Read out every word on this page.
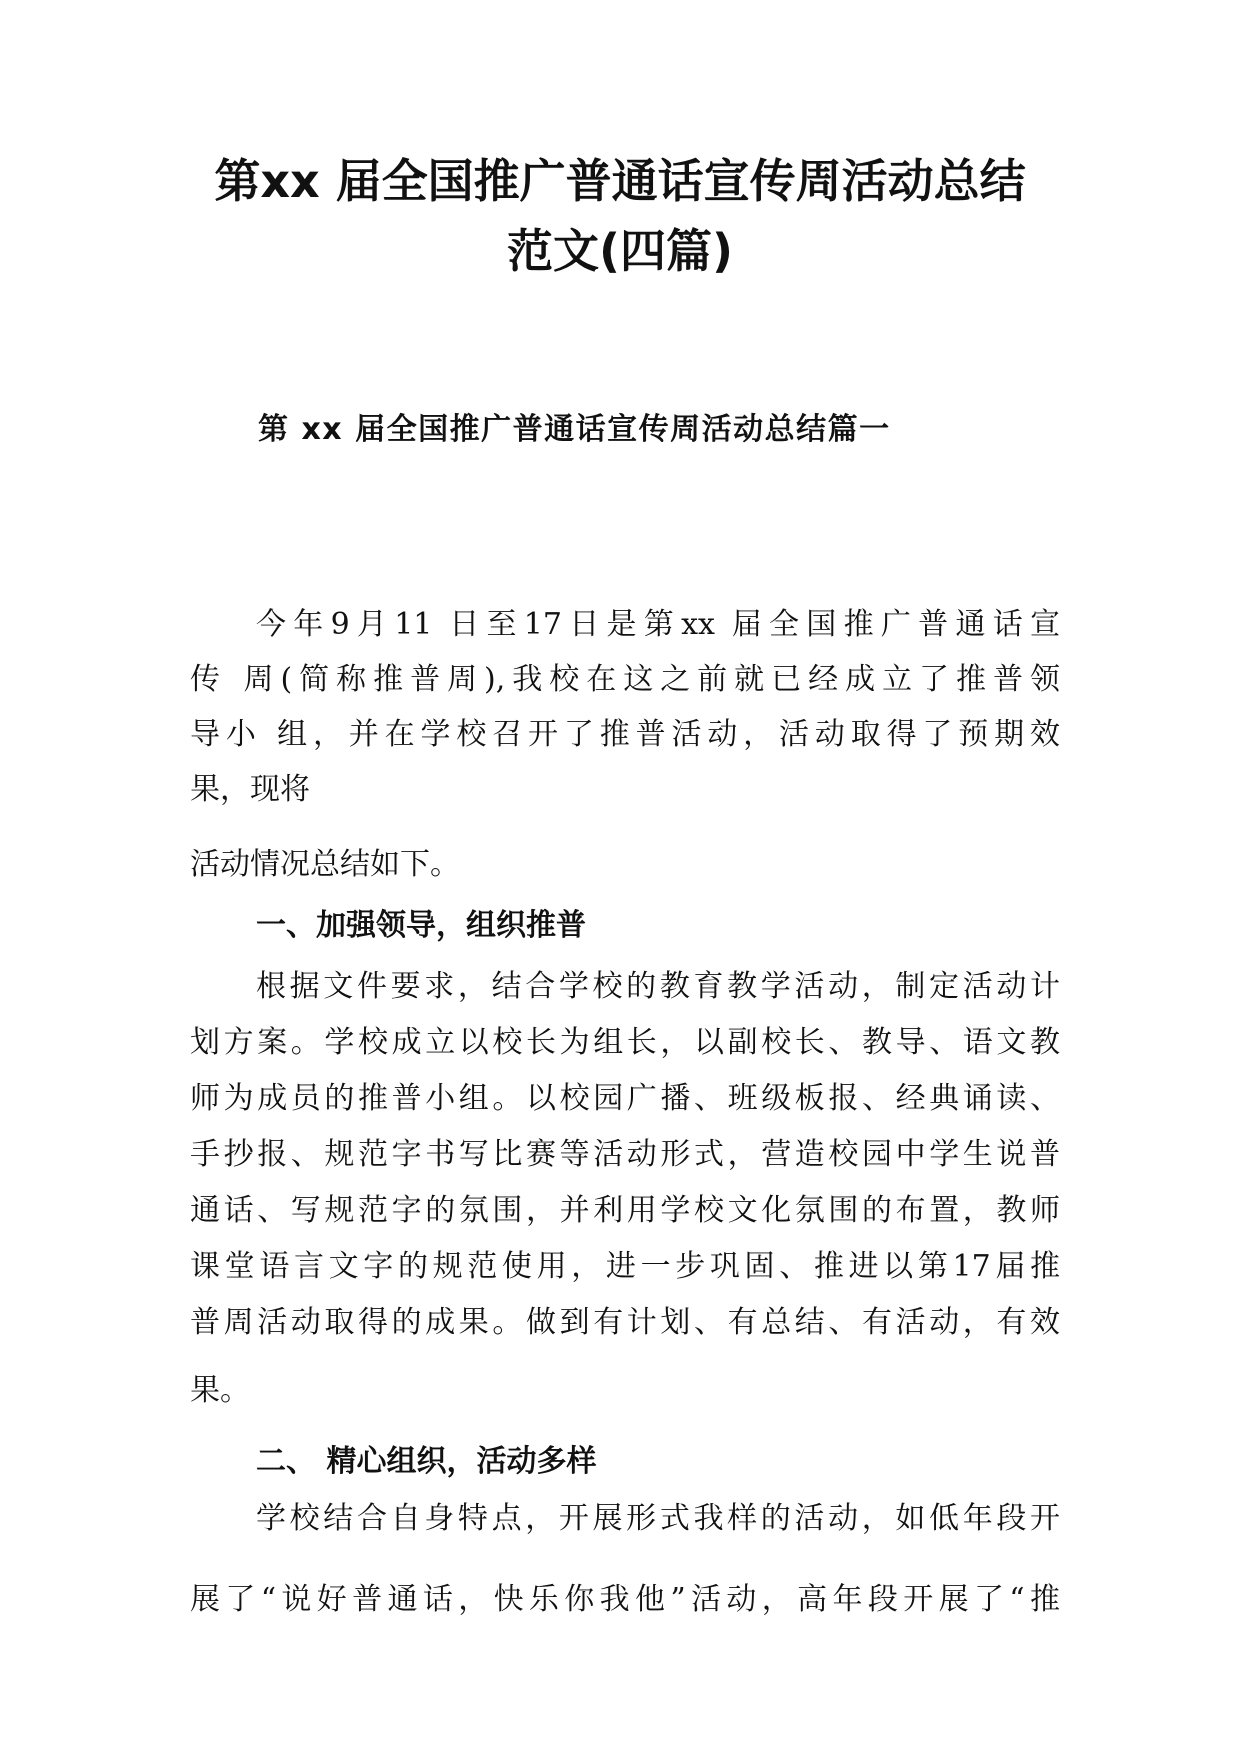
第xx 届全国推广普通话宣传周活动总结
范文(四篇)
第 xx 届全国推广普通话宣传周活动总结篇一
今年9月11 日至17日是第xx 届全国推广普通话宣
传 周(简称推普周),我校在这之前就已经成立了推普领
导小 组，并在学校召开了推普活动，活动取得了预期效
果，现将
活动情况总结如下。
一、加强领导，组织推普
根据文件要求，结合学校的教育教学活动，制定活动计
划方案。学校成立以校长为组长，以副校长、教导、语文教
师为成员的推普小组。以校园广播、班级板报、经典诵读、
手抄报、规范字书写比赛等活动形式，营造校园中学生说普
通话、写规范字的氛围，并利用学校文化氛围的布置，教师
课堂语言文字的规范使用，进一步巩固、推进以第17届推
普周活动取得的成果。做到有计划、有总结、有活动，有效
果。
二、 精心组织，活动多样
学校结合自身特点，开展形式我样的活动，如低年段开
展了“说好普通话，快乐你我他”活动，高年段开展了“推
